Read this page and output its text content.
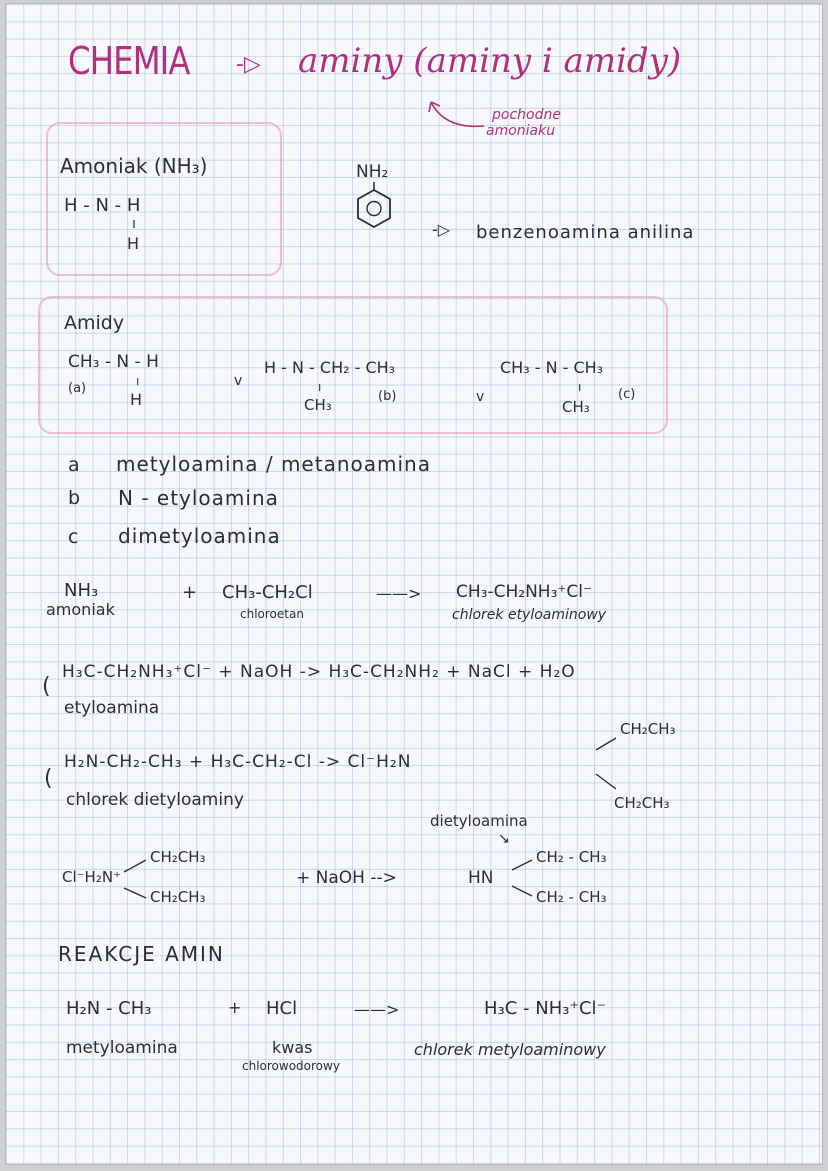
CHEMIA -▷ aminy (aminy i amidy)
pochodne
amoniaku
Amoniak (NH₃)
H - N - H
ı
H
NH₂
-▷ benzenoamina anilina
Amidy
CH₃ - N - H
(a)	ı
H
v
H - N - CH₂ - CH₃
ı
CH₃	(b)	v
CH₃ - N - CH₃
ı
CH₃
(c)
a metyloamina / metanoamina
b N - etyloamina
c dimetyloamina
NH₃
amoniak
+ CH₃-CH₂Cl
chloroetan
——> CH₃-CH₂NH₃⁺Cl⁻
chlorek etyloaminowy
H₃C-CH₂NH₃⁺Cl⁻ + NaOH -> H₃C-CH₂NH₂ + NaCl + H₂O
(
etyloamina
CH₂CH₃
H₂N-CH₂-CH₃ + H₃C-CH₂-Cl -> Cl⁻H₂N
(
chlorek dietyloaminy	CH₂CH₃
dietyloamina
↘
CH₂CH₃
Cl⁻H₂N⁺
CH₂CH₃
+ NaOH -->	HN
CH₂ - CH₃
CH₂ - CH₃
REAKCJE AMIN
H₂N - CH₃
metyloamina
+ HCl
kwas
chlorowodorowy
——>	H₃C - NH₃⁺Cl⁻
chlorek metyloaminowy
